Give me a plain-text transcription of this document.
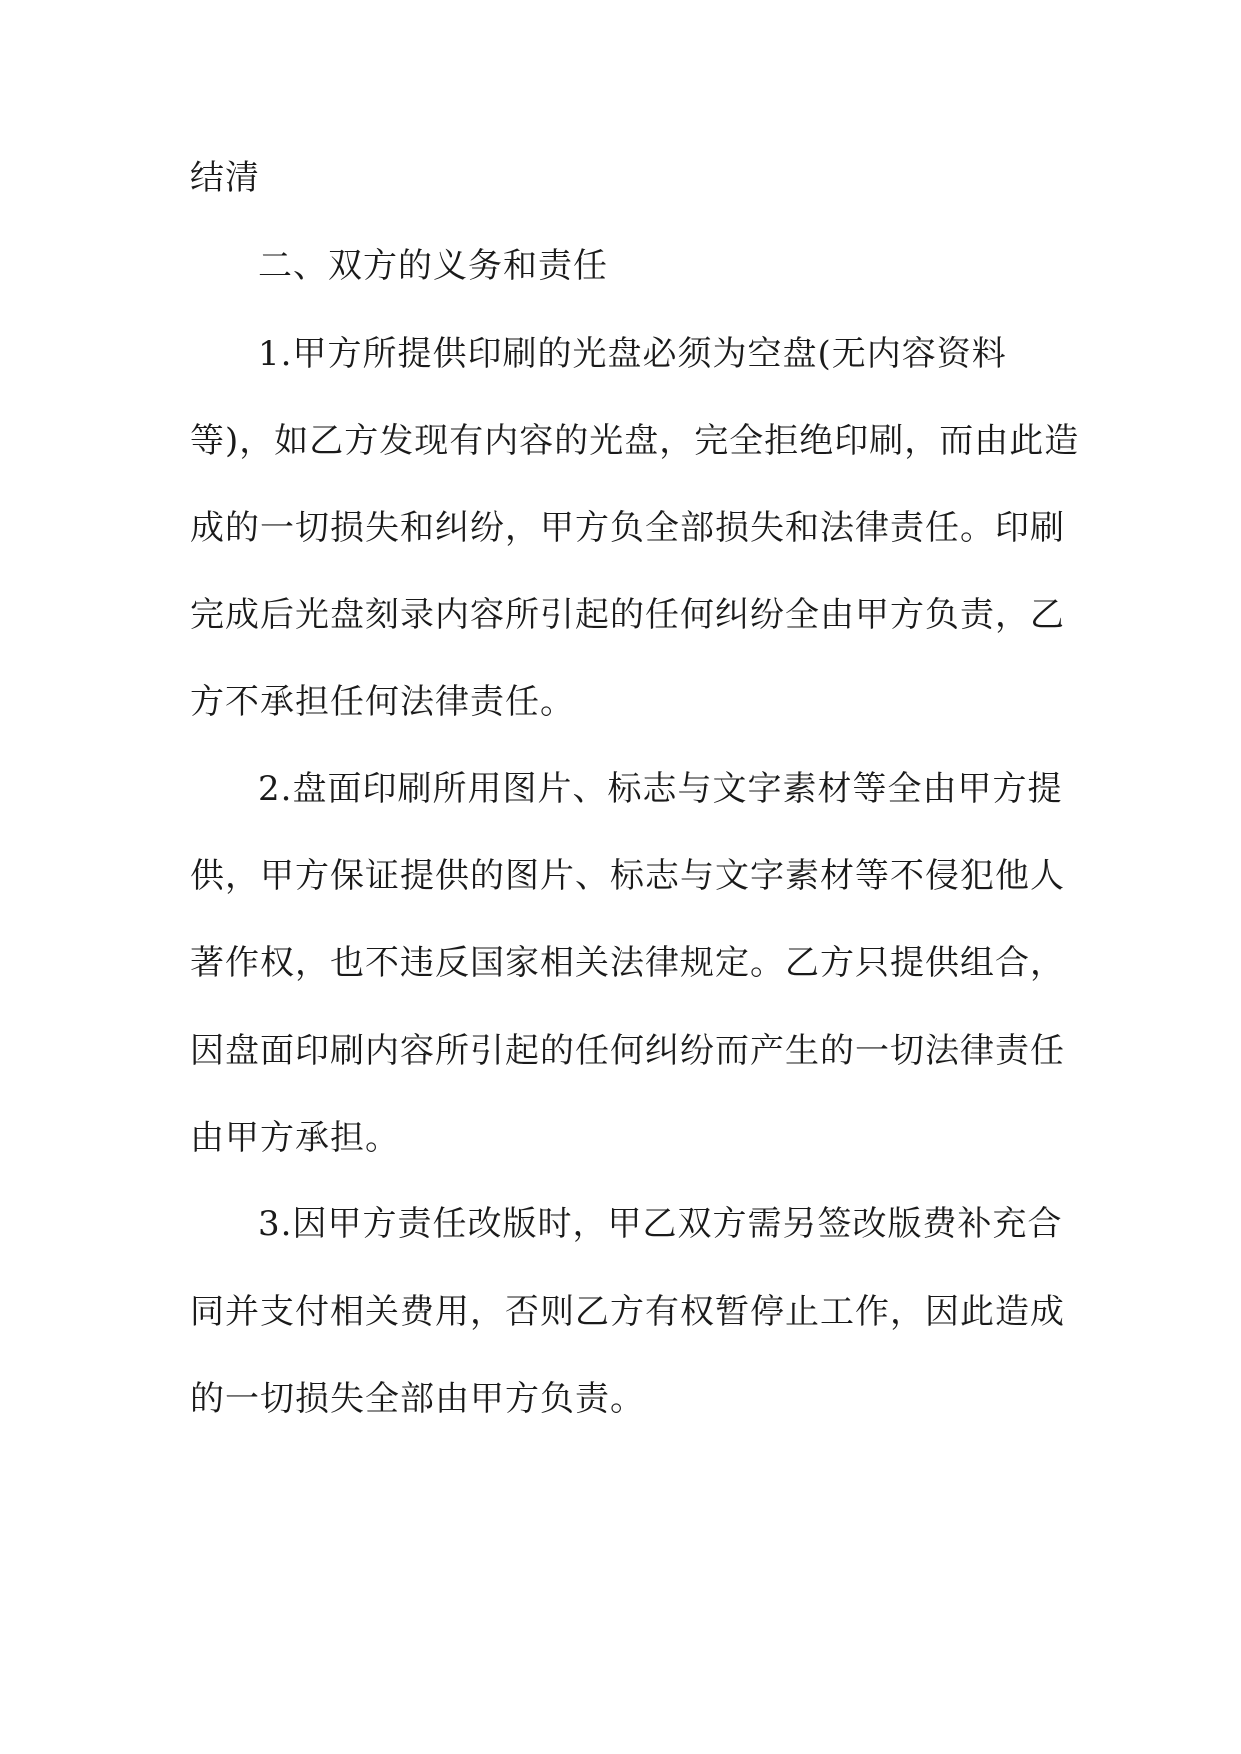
结清
二、双方的义务和责任
1.甲方所提供印刷的光盘必须为空盘(无内容资料
等)，如乙方发现有内容的光盘，完全拒绝印刷，而由此造
成的一切损失和纠纷，甲方负全部损失和法律责任。印刷
完成后光盘刻录内容所引起的任何纠纷全由甲方负责，乙
方不承担任何法律责任。
2.盘面印刷所用图片、标志与文字素材等全由甲方提
供，甲方保证提供的图片、标志与文字素材等不侵犯他人
著作权，也不违反国家相关法律规定。乙方只提供组合，
因盘面印刷内容所引起的任何纠纷而产生的一切法律责任
由甲方承担。
3.因甲方责任改版时，甲乙双方需另签改版费补充合
同并支付相关费用，否则乙方有权暂停止工作，因此造成
的一切损失全部由甲方负责。
